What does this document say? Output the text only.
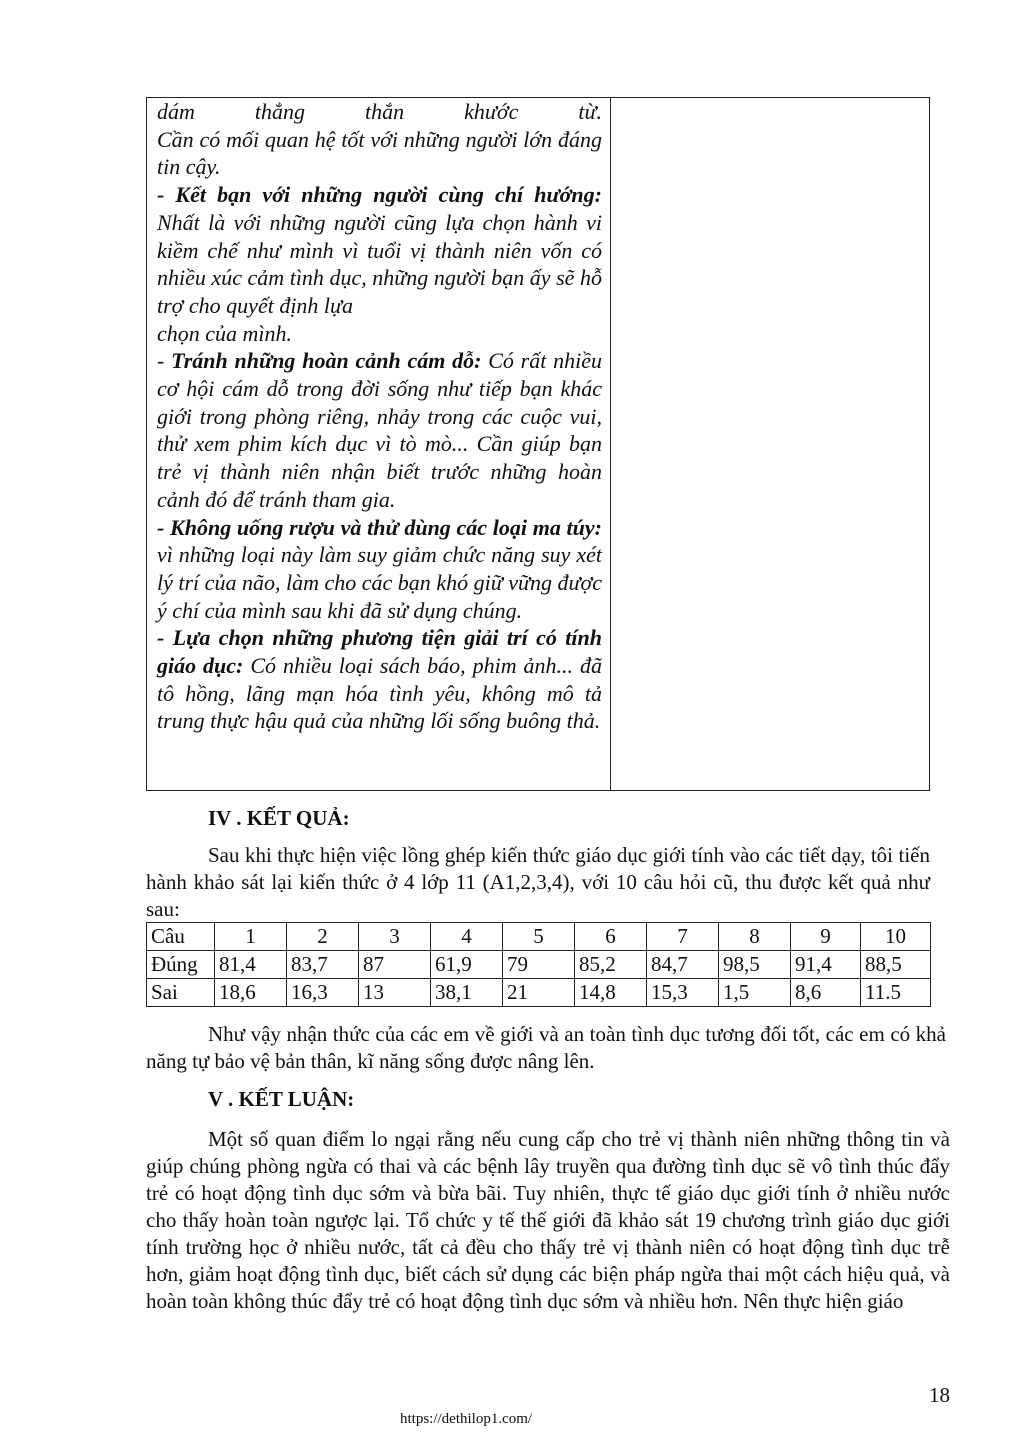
dám thẳng thắn khước từ.

Cần có mối quan hệ tốt với những người lớn đáng tin cậy.

- Kết bạn với những người cùng chí hướng: Nhất là với những người cũng lựa chọn hành vi kiềm chế như mình vì tuổi vị thành niên vốn có nhiều xúc cảm tình dục, những người bạn ấy sẽ hỗ trợ cho quyết định lựa

chọn của mình.

- Tránh những hoàn cảnh cám dỗ: Có rất nhiều cơ hội cám dỗ trong đời sống như tiếp bạn khác giới trong phòng riêng, nhảy trong các cuộc vui, thử xem phim kích dục vì tò mò... Cần giúp bạn trẻ vị thành niên nhận biết trước những hoàn cảnh đó để tránh tham gia.

- Không uống rượu và thử dùng các loại ma túy: vì những loại này làm suy giảm chức năng suy xét lý trí của não, làm cho các bạn khó giữ vững được ý chí của mình sau khi đã sử dụng chúng.

- Lựa chọn những phương tiện giải trí có tính giáo dục: Có nhiều loại sách báo, phim ảnh... đã tô hồng, lãng mạn hóa tình yêu, không mô tả trung thực hậu quả của những lối sống buông thả.

IV . KẾT QUẢ:

Sau khi thực hiện việc lồng ghép kiến thức giáo dục giới tính vào các tiết dạy, tôi tiến hành khảo sát lại kiến thức ở 4 lớp 11 (A1,2,3,4), với 10 câu hỏi cũ, thu được kết quả như sau:

Câu	1	2	3	4	5	6	7	8	9	10
Đúng	81,4	83,7	87	61,9	79	85,2	84,7	98,5	91,4	88,5
Sai	18,6	16,3	13	38,1	21	14,8	15,3	1,5	8,6	11.5

Như vậy nhận thức của các em về giới và an toàn tình dục tương đối tốt, các em có khả năng tự bảo vệ bản thân, kĩ năng sống được nâng lên.

V . KẾT LUẬN:

Một số quan điểm lo ngại rằng nếu cung cấp cho trẻ vị thành niên những thông tin và giúp chúng phòng ngừa có thai và các bệnh lây truyền qua đường tình dục sẽ vô tình thúc đẩy trẻ có hoạt động tình dục sớm và bừa bãi. Tuy nhiên, thực tế giáo dục giới tính ở nhiều nước cho thấy hoàn toàn ngược lại. Tổ chức y tế thế giới đã khảo sát 19 chương trình giáo dục giới tính trường học ở nhiều nước, tất cả đều cho thấy trẻ vị thành niên có hoạt động tình dục trễ hơn, giảm hoạt động tình dục, biết cách sử dụng các biện pháp ngừa thai một cách hiệu quả, và hoàn toàn không thúc đẩy trẻ có hoạt động tình dục sớm và nhiều hơn. Nên thực hiện giáo

18
https://dethilop1.com/
